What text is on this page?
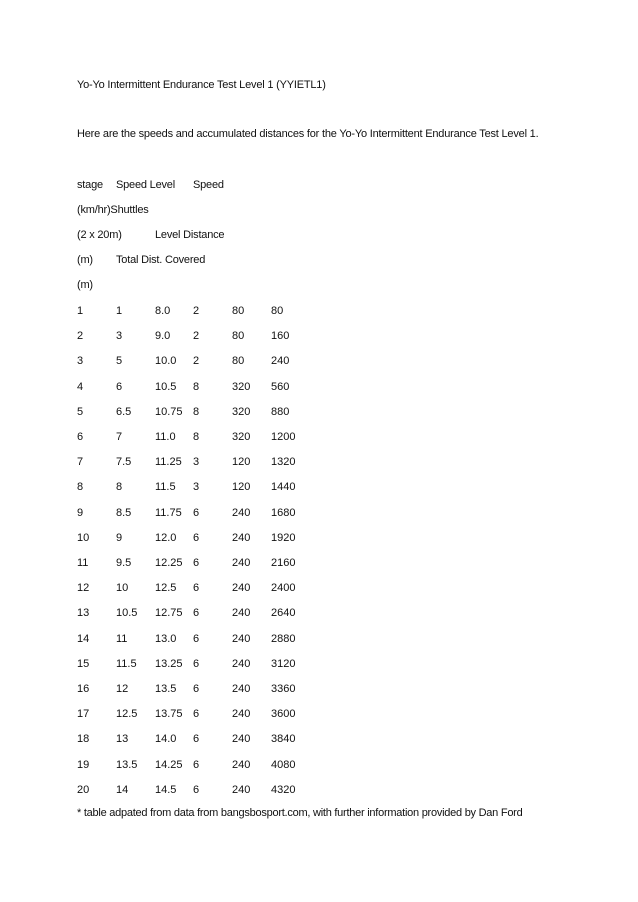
Yo-Yo Intermittent Endurance Test Level 1 (YYIETL1)
Here are the speeds and accumulated distances for the Yo-Yo Intermittent Endurance Test Level 1.
stage Speed Level Speed
(km/hr)Shuttles
(2 x 20m)	Level Distance
(m) Total Dist. Covered
(m)
1	1	8.0 2	80 80
2	3	9.0 2	80 160
3	5	10.0 2	80 240
4	6	10.5 8	320 560
5	6.5 10.75 8	320 880
6	7	11.0 8	320 1200
7	7.5 11.25 3	120 1320
8	8	11.5 3	120 1440
9	8.5 11.75 6	240 1680
10 9	12.0 6	240 1920
11	9.5 12.25 6	240 2160
12 10 12.5 6	240 2400
13 10.5 12.75 6	240 2640
14 11	13.0 6	240 2880
15 11.5 13.25 6	240 3120
16 12 13.5 6	240 3360
17 12.5 13.75 6	240 3600
18 13 14.0 6	240 3840
19 13.5 14.25 6	240 4080
20 14 14.5 6	240 4320
* table adpated from data from bangsbosport.com, with further information provided by Dan Ford
